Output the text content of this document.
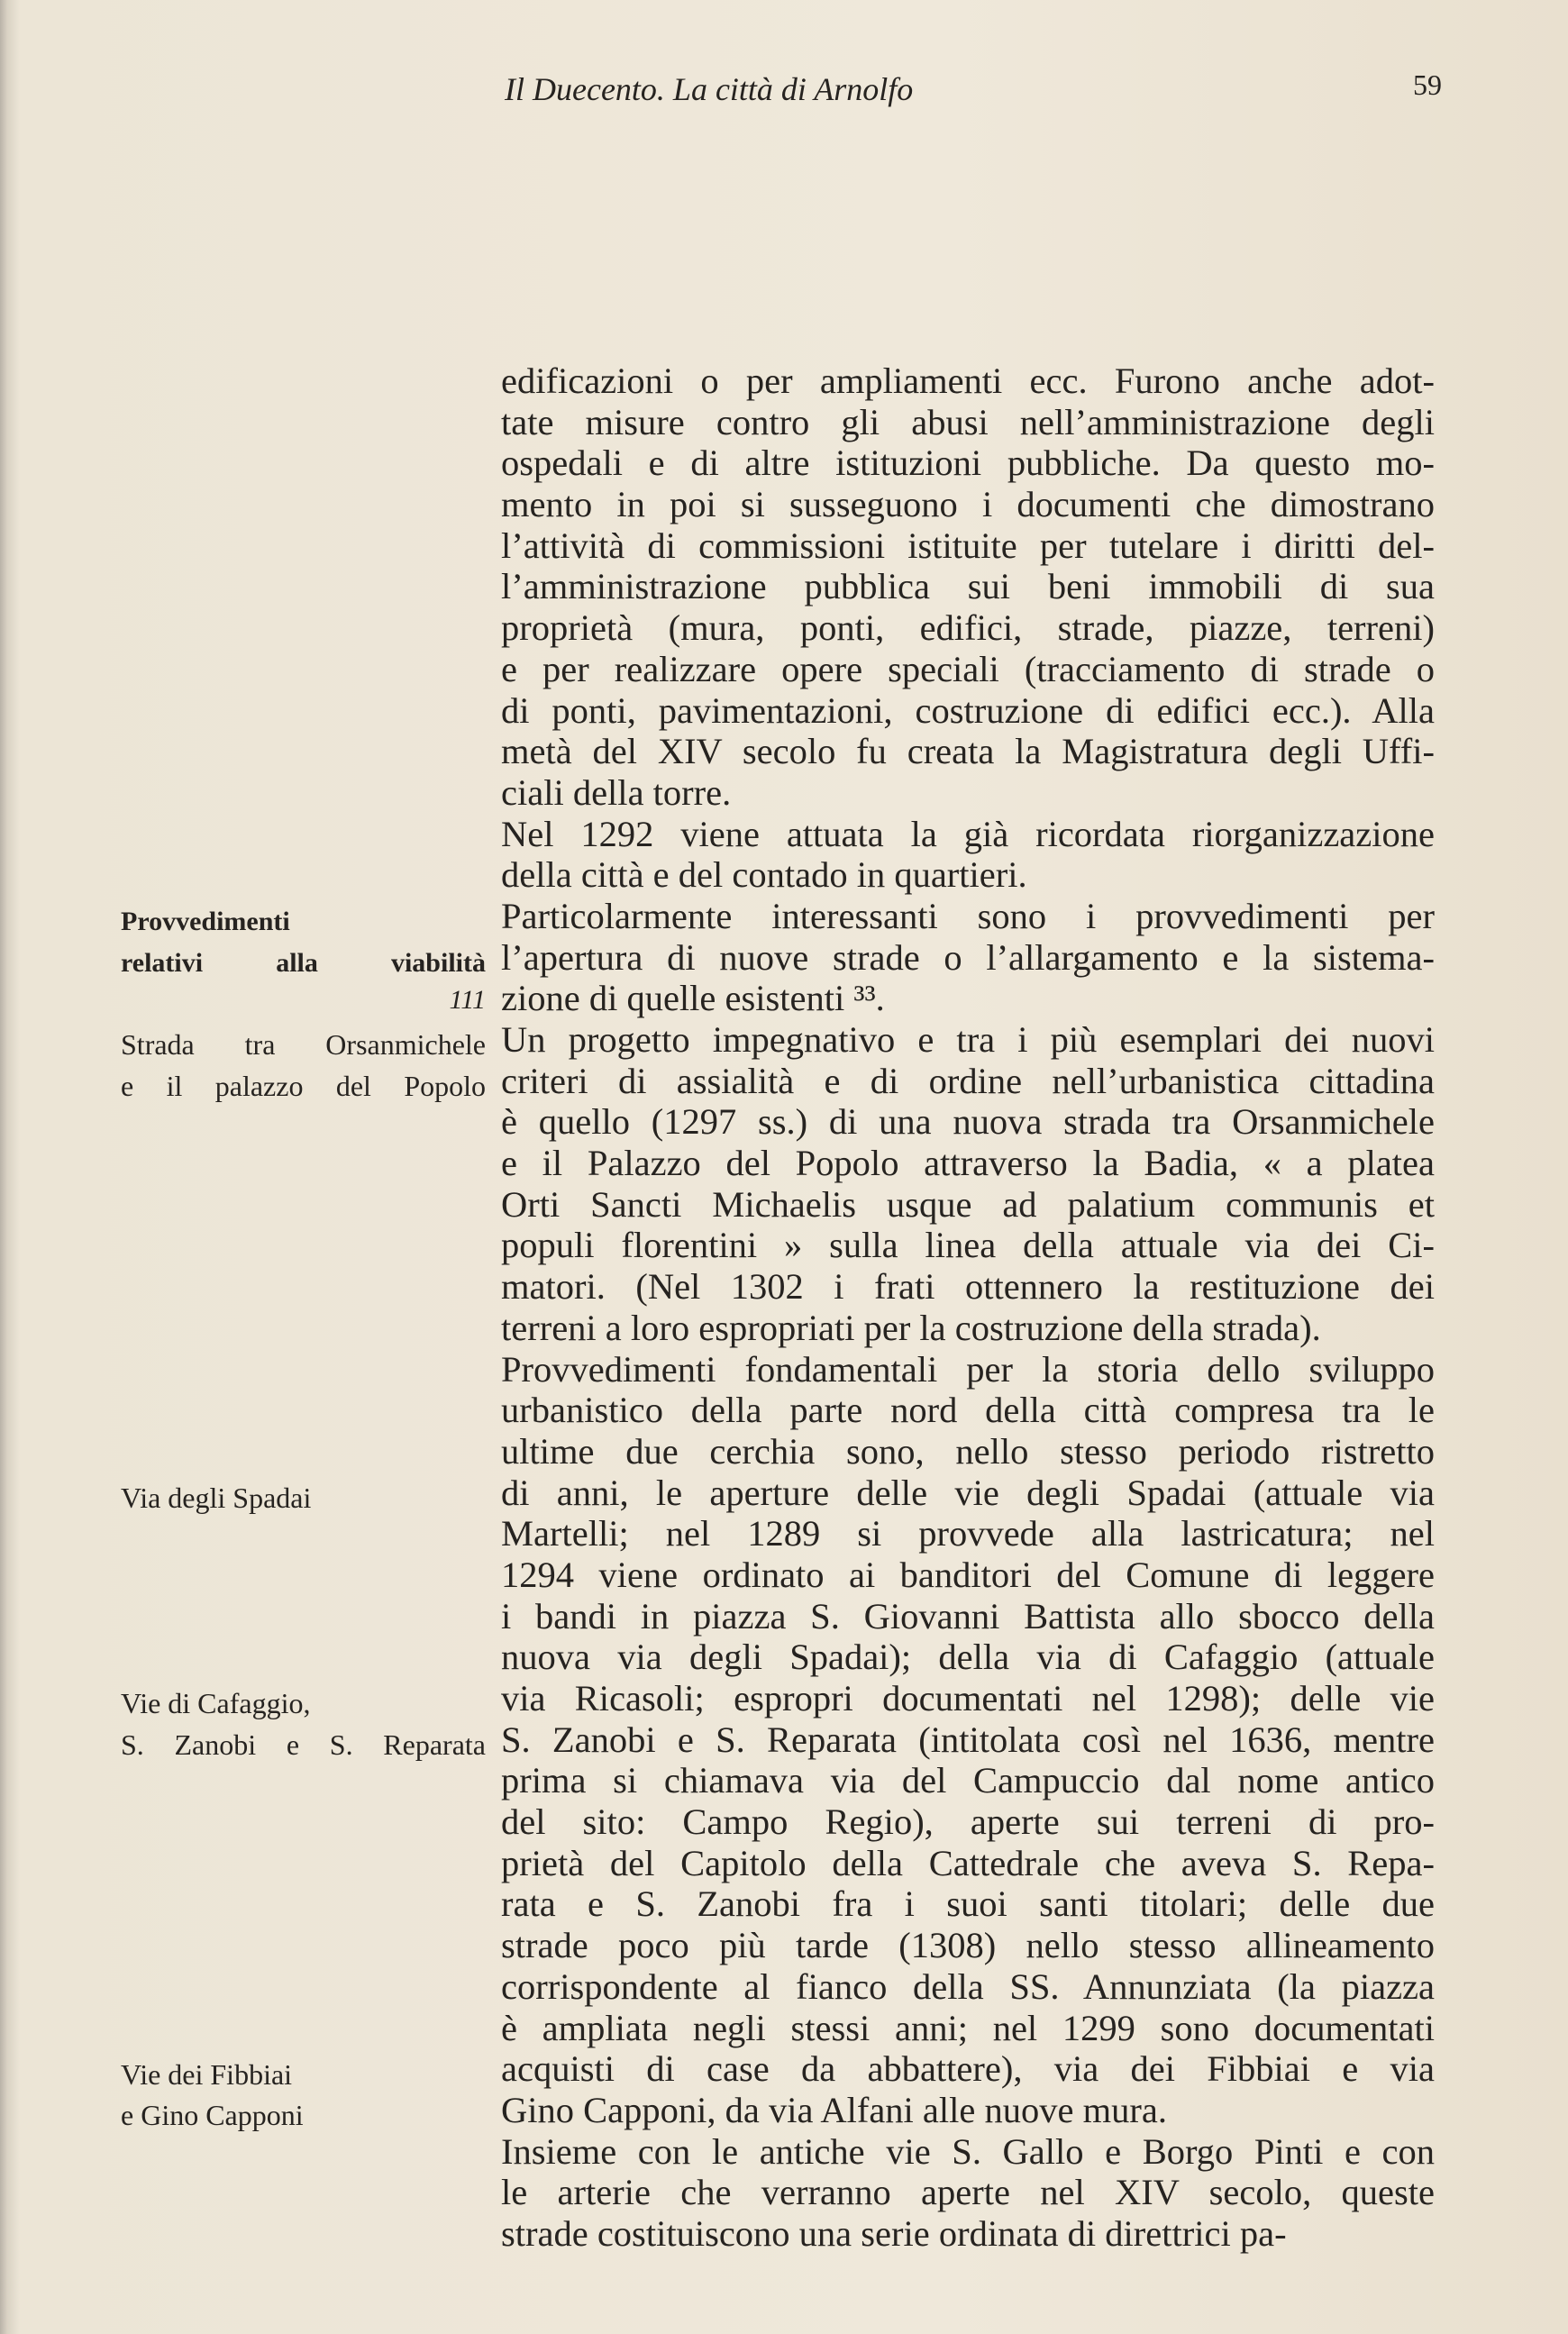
Il Duecento. La città di Arnolfo	59
Provvedimenti
relativi alla viabilità
111
Strada tra Orsanmichele
e il palazzo del Popolo
Via degli Spadai
Vie di Cafaggio,
S. Zanobi e S. Reparata
Vie dei Fibbiai
e Gino Capponi
edificazioni o per ampliamenti ecc. Furono anche adot-
tate misure contro gli abusi nell’amministrazione degli
ospedali e di altre istituzioni pubbliche. Da questo mo-
mento in poi si susseguono i documenti che dimostrano
l’attività di commissioni istituite per tutelare i diritti del-
l’amministrazione pubblica sui beni immobili di sua
proprietà (mura, ponti, edifici, strade, piazze, terreni)
e per realizzare opere speciali (tracciamento di strade o
di ponti, pavimentazioni, costruzione di edifici ecc.). Alla
metà del XIV secolo fu creata la Magistratura degli Uffi-
ciali della torre.
Nel 1292 viene attuata la già ricordata riorganizzazione
della città e del contado in quartieri.
Particolarmente interessanti sono i provvedimenti per
l’apertura di nuove strade o l’allargamento e la sistema-
zione di quelle esistenti ³³.
Un progetto impegnativo e tra i più esemplari dei nuovi
criteri di assialità e di ordine nell’urbanistica cittadina
è quello (1297 ss.) di una nuova strada tra Orsanmichele
e il Palazzo del Popolo attraverso la Badia, « a platea
Orti Sancti Michaelis usque ad palatium communis et
populi florentini » sulla linea della attuale via dei Ci-
matori. (Nel 1302 i frati ottennero la restituzione dei
terreni a loro espropriati per la costruzione della strada).
Provvedimenti fondamentali per la storia dello sviluppo
urbanistico della parte nord della città compresa tra le
ultime due cerchia sono, nello stesso periodo ristretto
di anni, le aperture delle vie degli Spadai (attuale via
Martelli; nel 1289 si provvede alla lastricatura; nel
1294 viene ordinato ai banditori del Comune di leggere
i bandi in piazza S. Giovanni Battista allo sbocco della
nuova via degli Spadai); della via di Cafaggio (attuale
via Ricasoli; espropri documentati nel 1298); delle vie
S. Zanobi e S. Reparata (intitolata così nel 1636, mentre
prima si chiamava via del Campuccio dal nome antico
del sito: Campo Regio), aperte sui terreni di pro-
prietà del Capitolo della Cattedrale che aveva S. Repa-
rata e S. Zanobi fra i suoi santi titolari; delle due
strade poco più tarde (1308) nello stesso allineamento
corrispondente al fianco della SS. Annunziata (la piazza
è ampliata negli stessi anni; nel 1299 sono documentati
acquisti di case da abbattere), via dei Fibbiai e via
Gino Capponi, da via Alfani alle nuove mura.
Insieme con le antiche vie S. Gallo e Borgo Pinti e con
le arterie che verranno aperte nel XIV secolo, queste
strade costituiscono una serie ordinata di direttrici pa-
